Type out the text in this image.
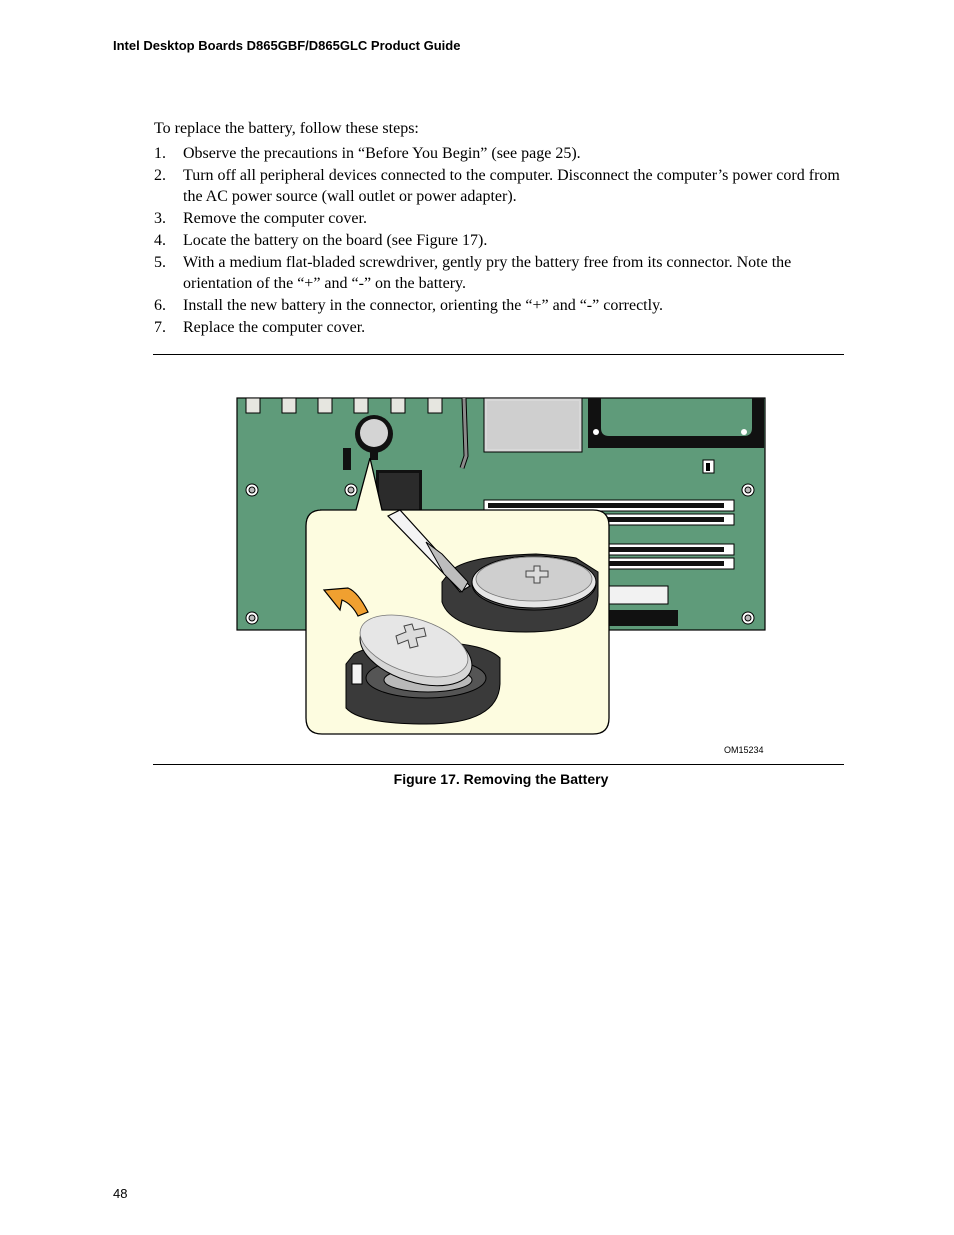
Intel Desktop Boards D865GBF/D865GLC Product Guide
To replace the battery, follow these steps:
1. Observe the precautions in “Before You Begin” (see page 25).
2. Turn off all peripheral devices connected to the computer. Disconnect the computer’s power cord from the AC power source (wall outlet or power adapter).
3. Remove the computer cover.
4. Locate the battery on the board (see Figure 17).
5. With a medium flat-bladed screwdriver, gently pry the battery free from its connector. Note the orientation of the “+” and “-” on the battery.
6. Install the new battery in the connector, orienting the “+” and “-” correctly.
7. Replace the computer cover.
OM15234
Figure 17. Removing the Battery
48
